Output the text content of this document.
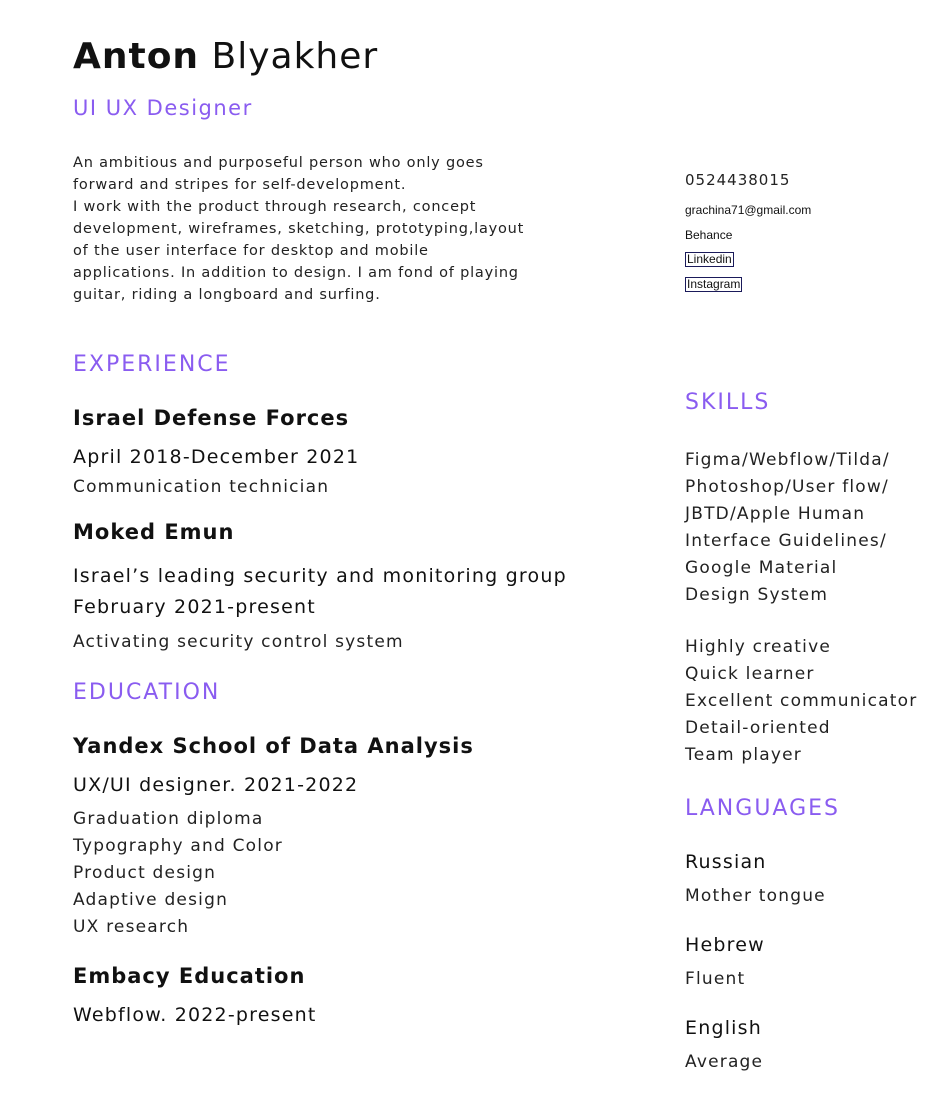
Anton Blyakher
UI UX Designer

An ambitious and purposeful person who only goes

forward and stripes for self-development.

I work with the product through research, concept

development, wireframes, sketching, prototyping,layout

of the user interface for desktop and mobile

applications. In addition to design. I am fond of playing

guitar, riding a longboard and surfing.

0524438015
grachina71@gmail.com
Behance
Linkedin
Instagram
EXPERIENCE
Israel Defense Forces
April 2018-December 2021
Communication technician
Moked Emun
Israel’s leading security and monitoring group
February 2021-present
Activating security control system
EDUCATION
Yandex School of Data Analysis
UX/UI designer. 2021-2022
Graduation diploma
Typography and Color
Product design
Adaptive design
UX research
Embacy Education
Webflow. 2022-present
SKILLS
Figma/Webflow/Tilda/
Photoshop/User flow/
JBTD/Apple Human
Interface Guidelines/
Google Material
Design System
Highly creative
Quick learner
Excellent communicator
Detail-oriented
Team player
LANGUAGES
Russian
Mother tongue
Hebrew
Fluent
English
Average
